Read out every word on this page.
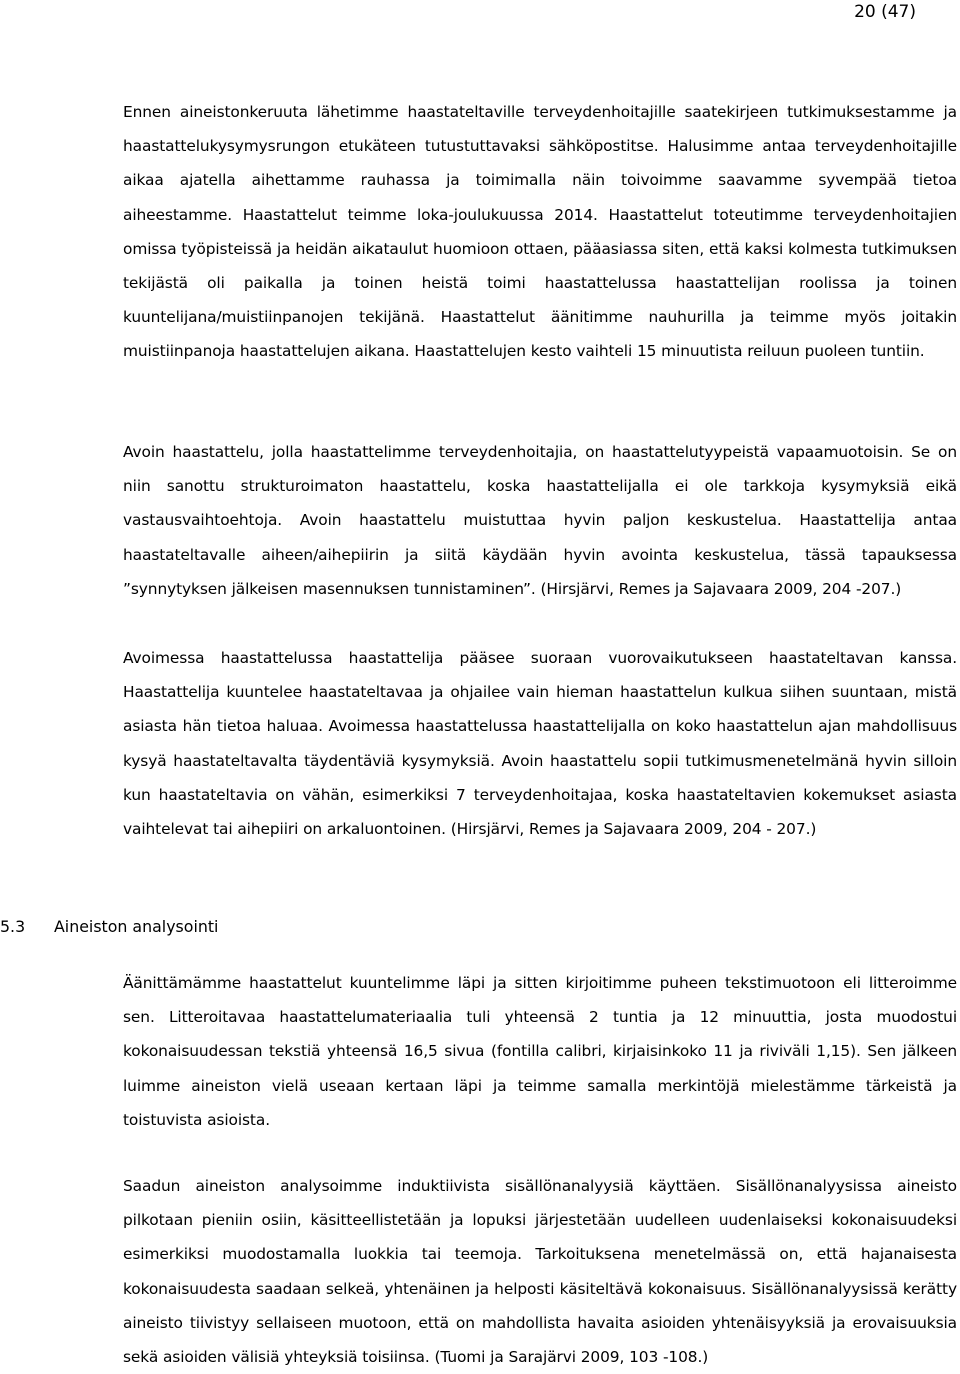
20 (47)

Ennen aineistonkeruuta lähetimme haastateltaville terveydenhoitajille saatekirjeen tutkimuksestamme ja haastattelukysymysrungon etukäteen tutustuttavaksi sähköpostitse. Halusimme antaa terveydenhoitajille aikaa ajatella aihettamme rauhassa ja toimimalla näin toivoimme saavamme syvempää tietoa aiheestamme. Haastattelut teimme loka-joulukuussa 2014. Haastattelut toteutimme terveydenhoitajien omissa työpisteissä ja heidän aikataulut huomioon ottaen, pääasiassa siten, että kaksi kolmesta tutkimuksen tekijästä oli paikalla ja toinen heistä toimi haastattelussa haastattelijan roolissa ja toinen kuuntelijana/muistiinpanojen tekijänä. Haastattelut äänitimme nauhurilla ja teimme myös joitakin muistiinpanoja haastattelujen aikana. Haastattelujen kesto vaihteli 15 minuutista reiluun puoleen tuntiin.

Avoin haastattelu, jolla haastattelimme terveydenhoitajia, on haastattelutyypeistä vapaamuotoisin. Se on niin sanottu strukturoimaton haastattelu, koska haastattelijalla ei ole tarkkoja kysymyksiä eikä vastausvaihtoehtoja. Avoin haastattelu muistuttaa hyvin paljon keskustelua. Haastattelija antaa haastateltavalle aiheen/aihepiirin ja siitä käydään hyvin avointa keskustelua, tässä tapauksessa ”synnytyksen jälkeisen masennuksen tunnistaminen”. (Hirsjärvi, Remes ja Sajavaara 2009, 204 -207.)

Avoimessa haastattelussa haastattelija pääsee suoraan vuorovaikutukseen haastateltavan kanssa. Haastattelija kuuntelee haastateltavaa ja ohjailee vain hieman haastattelun kulkua siihen suuntaan, mistä asiasta hän tietoa haluaa. Avoimessa haastattelussa haastattelijalla on koko haastattelun ajan mahdollisuus kysyä haastateltavalta täydentäviä kysymyksiä. Avoin haastattelu sopii tutkimusmenetelmänä hyvin silloin kun haastateltavia on vähän, esimerkiksi 7 terveydenhoitajaa, koska haastateltavien kokemukset asiasta vaihtelevat tai aihepiiri on arkaluontoinen. (Hirsjärvi, Remes ja Sajavaara 2009, 204 - 207.)

5.3 Aineiston analysointi

Äänittämämme haastattelut kuuntelimme läpi ja sitten kirjoitimme puheen tekstimuotoon eli litteroimme sen. Litteroitavaa haastattelumateriaalia tuli yhteensä 2 tuntia ja 12 minuuttia, josta muodostui kokonaisuudessan tekstiä yhteensä 16,5 sivua (fontilla calibri, kirjaisinkoko 11 ja riviväli 1,15). Sen jälkeen luimme aineiston vielä useaan kertaan läpi ja teimme samalla merkintöjä mielestämme tärkeistä ja toistuvista asioista.

Saadun aineiston analysoimme induktiivista sisällönanalyysiä käyttäen. Sisällönanalyysissa aineisto pilkotaan pieniin osiin, käsitteellistetään ja lopuksi järjestetään uudelleen uudenlaiseksi kokonaisuudeksi esimerkiksi muodostamalla luokkia tai teemoja. Tarkoituksena menetelmässä on, että hajanaisesta kokonaisuudesta saadaan selkeä, yhtenäinen ja helposti käsiteltävä kokonaisuus. Sisällönanalyysissä kerätty aineisto tiivistyy sellaiseen muotoon, että on mahdollista havaita asioiden yhtenäisyyksiä ja erovaisuuksia sekä asioiden välisiä yhteyksiä toisiinsa. (Tuomi ja Sarajärvi 2009, 103 -108.)
